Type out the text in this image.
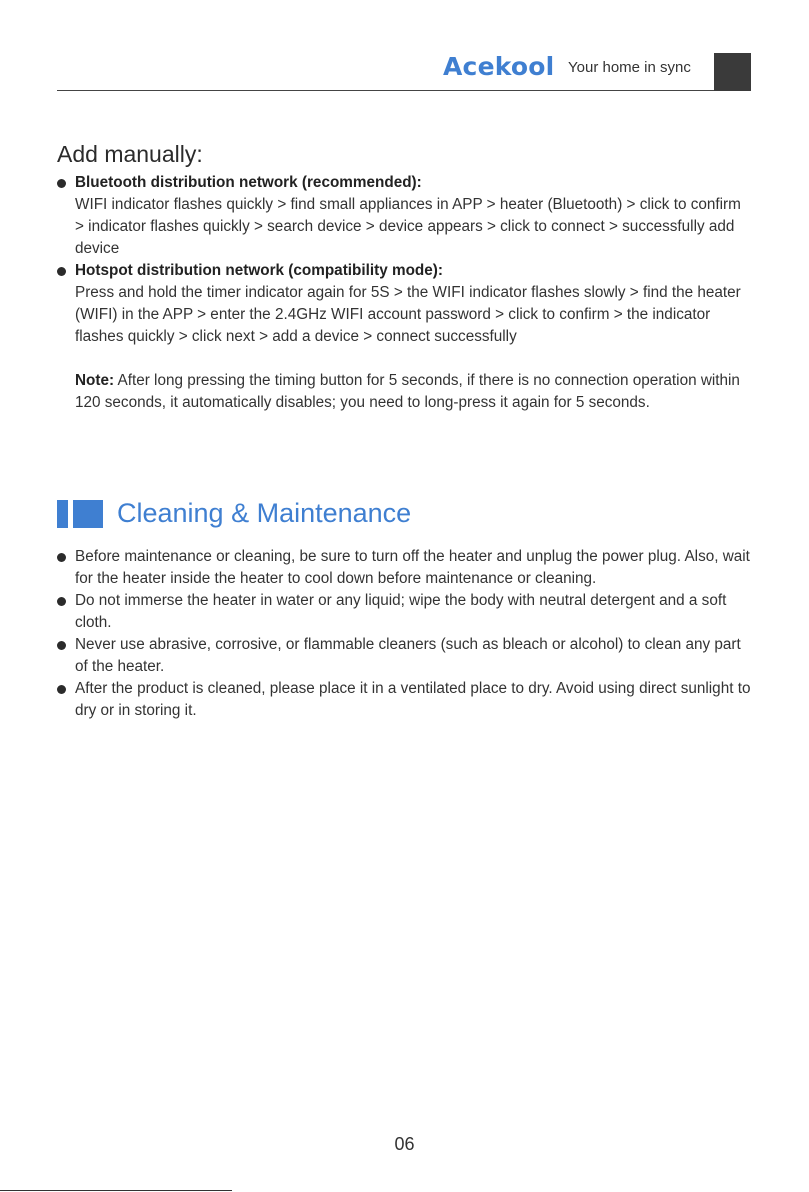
Acekool Your home in sync
Add manually:
Bluetooth distribution network (recommended):
WIFI indicator flashes quickly > find small appliances in APP > heater (Bluetooth) > click to confirm > indicator flashes quickly > search device > device appears > click to connect > successfully add device
Hotspot distribution network (compatibility mode):
Press and hold the timer indicator again for 5S > the WIFI indicator flashes slowly > find the heater (WIFI) in the APP > enter the 2.4GHz WIFI account password > click to confirm > the indicator flashes quickly > click next > add a device > connect successfully
Note: After long pressing the timing button for 5 seconds, if there is no connection operation within 120 seconds, it automatically disables; you need to long-press it again for 5 seconds.
Cleaning & Maintenance
Before maintenance or cleaning, be sure to turn off the heater and unplug the power plug. Also, wait for the heater inside the heater to cool down before maintenance or cleaning.
Do not immerse the heater in water or any liquid; wipe the body with neutral detergent and a soft cloth.
Never use abrasive, corrosive, or flammable cleaners (such as bleach or alcohol) to clean any part of the heater.
After the product is cleaned, please place it in a ventilated place to dry. Avoid using direct sunlight to dry or in storing it.
06
